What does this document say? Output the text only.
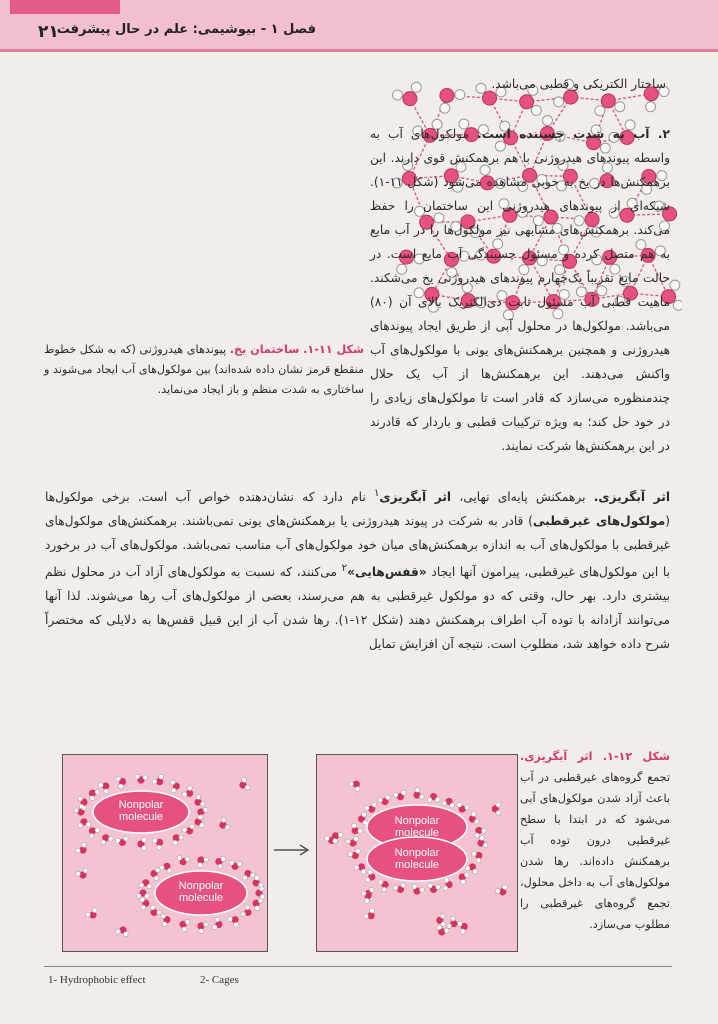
۲۱
فصل ۱ - بیوشیمی: علم در حال پیشرفت
ساختار الکتریکی و قطبی می‌باشد.
۲. آب به شدت چسبنده است. مولکول‌های آب به واسطه پیوندهای هیدروژنی با هم برهمکنش قوی دارند. این برهمکنش‌ها در یخ به خوبی مشاهده می‌شود (شکل ۱۱-۱). شبکه‌ای از پیوندهای هیدروژنی این ساختمان را حفظ می‌کند. برهمکنش‌های مشابهی نیز مولکول‌ها را در آب مایع به هم متصل کرده و مسئول چسبندگی آب مایع است. در حالت مایع تقریباً یک‌چهارم پیوندهای هیدروژنی یخ می‌شکند. ماهیت قطبی آب مسئول ثابت دی‌الکتریک بالای آن (۸۰) می‌باشد. مولکول‌ها در محلول آبی از طریق ایجاد پیوندهای هیدروژنی و همچنین برهمکنش‌های یونی با مولکول‌های آب واکنش می‌دهند. این برهمکنش‌ها از آب یک حلال چندمنظوره می‌سازد که قادر است تا مولکول‌های زیادی را در خود حل کند؛ به ویژه ترکیبات قطبی و باردار که قادرند در این برهمکنش‌ها شرکت نمایند.
شکل ۱۱-۱. ساختمان یخ. پیوندهای هیدروژنی (که به شکل خطوط منقطع قرمز نشان داده شده‌اند) بین مولکول‌های آب ایجاد می‌شوند و ساختاری به شدت منظم و باز ایجاد می‌نماید.
اثر آبگریزی. برهمکنش پایه‌ای نهایی، اثر آبگریزی$^۱$ نام دارد که نشان‌دهنده خواص آب است. برخی مولکول‌ها (مولکول‌های غیرقطبی) قادر به شرکت در پیوند هیدروژنی یا برهمکنش‌های یونی نمی‌باشند. برهمکنش‌های مولکول‌های غیرقطبی با مولکول‌های آب به اندازه برهمکنش‌های میان خود مولکول‌های آب مناسب نمی‌باشد. مولکول‌های آب در برخورد با این مولکول‌های غیرقطبی، پیرامون آنها ایجاد «قفس‌هایی»$^۲$ می‌کنند، که نسبت به مولکول‌های آزاد آب در محلول نظم بیشتری دارد. بهر حال، وقتی که دو مولکول غیرقطبی به هم می‌رسند، بعضی از مولکول‌های آب رها می‌شوند. لذا آنها می‌توانند آزادانه با توده آب اطراف برهمکنش دهند (شکل ۱۲-۱). رها شدن آب از این قبیل قفس‌ها به دلایلی که مختصراً شرح داده خواهد شد، مطلوب است. نتیجه آن افزایش تمایل
Nonpolar
molecule
Nonpolar
molecule
Nonpolar
molecule
Nonpolar
molecule
شکل ۱۲-۱. اثر آبگریزی. تجمع گروه‌های غیرقطبی در آب باعث آزاد شدن مولکول‌های آبی می‌شود که در ابتدا با سطح غیرقطبی درون توده آب برهمکنش داده‌اند. رها شدن مولکول‌های آب به داخل محلول، تجمع گروه‌های غیرقطبی را مطلوب می‌سازد.
1- Hydrophobic effect	2- Cages
